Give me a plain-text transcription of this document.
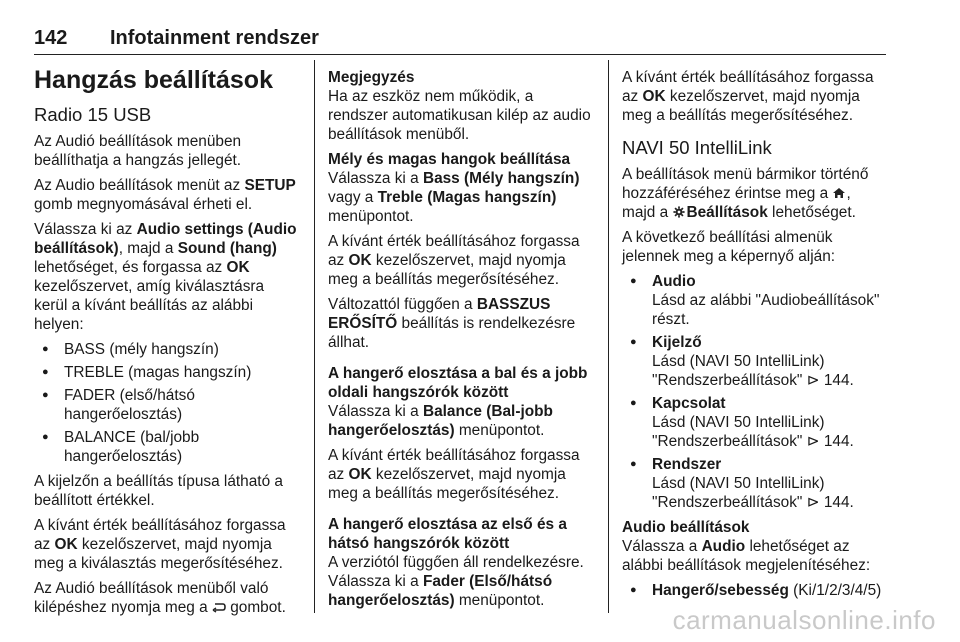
142 Infotainment rendszer
Hangzás beállítások
Radio 15 USB

Az Audió beállítások menüben beállíthatja a hangzás jellegét.

Az Audio beállítások menüt az SETUP gomb megnyomásával érheti el.

Válassza ki az Audio settings (Audio beállítások), majd a Sound (hang) lehetőséget, és forgassa az OK kezelőszervet, amíg kiválasztásra kerül a kívánt beállítás az alábbi helyen:

● BASS (mély hangszín)
● TREBLE (magas hangszín)
● FADER (első/hátsó hangerőelosztás)
● BALANCE (bal/jobb hangerőelosztás)

A kijelzőn a beállítás típusa látható a beállított értékkel.

A kívánt érték beállításához forgassa az OK kezelőszervet, majd nyomja meg a kiválasztás megerősítéséhez.

Az Audió beállítások menüből való kilépéshez nyomja meg a  gombot.

Megjegyzés

Ha az eszköz nem működik, a rendszer automatikusan kilép az audio beállítások menüből.

Mély és magas hangok beállítása

Válassza ki a Bass (Mély hangszín) vagy a Treble (Magas hangszín) menüpontot.

A kívánt érték beállításához forgassa az OK kezelőszervet, majd nyomja meg a beállítás megerősítéséhez.

Változattól függően a BASSZUS ERŐSÍTŐ beállítás is rendelkezésre állhat.

A hangerő elosztása a bal és a jobb oldali hangszórók között

Válassza ki a Balance (Bal-jobb hangerőelosztás) menüpontot.

A kívánt érték beállításához forgassa az OK kezelőszervet, majd nyomja meg a beállítás megerősítéséhez.

A hangerő elosztása az első és a hátsó hangszórók között

A verziótól függően áll rendelkezésre. Válassza ki a Fader (Első/hátsó hangerőelosztás) menüpontot.

A kívánt érték beállításához forgassa az OK kezelőszervet, majd nyomja meg a beállítás megerősítéséhez.

NAVI 50 IntelliLink

A beállítások menü bármikor történő hozzáféréséhez érintse meg a , majd a Beállítások lehetőséget.

A következő beállítási almenük jelennek meg a képernyő alján:

● Audio
Lásd az alábbi "Audiobeállítások" részt.
● Kijelző
Lásd (NAVI 50 IntelliLink) "Rendszerbeállítások" ⊳ 144.
● Kapcsolat
Lásd (NAVI 50 IntelliLink) "Rendszerbeállítások" ⊳ 144.
● Rendszer
Lásd (NAVI 50 IntelliLink) "Rendszerbeállítások" ⊳ 144.

Audio beállítások

Válassza a Audio lehetőséget az alábbi beállítások megjelenítéséhez:

● Hangerő/sebesség (Ki/1/2/3/4/5)
carmanualsonline.info
